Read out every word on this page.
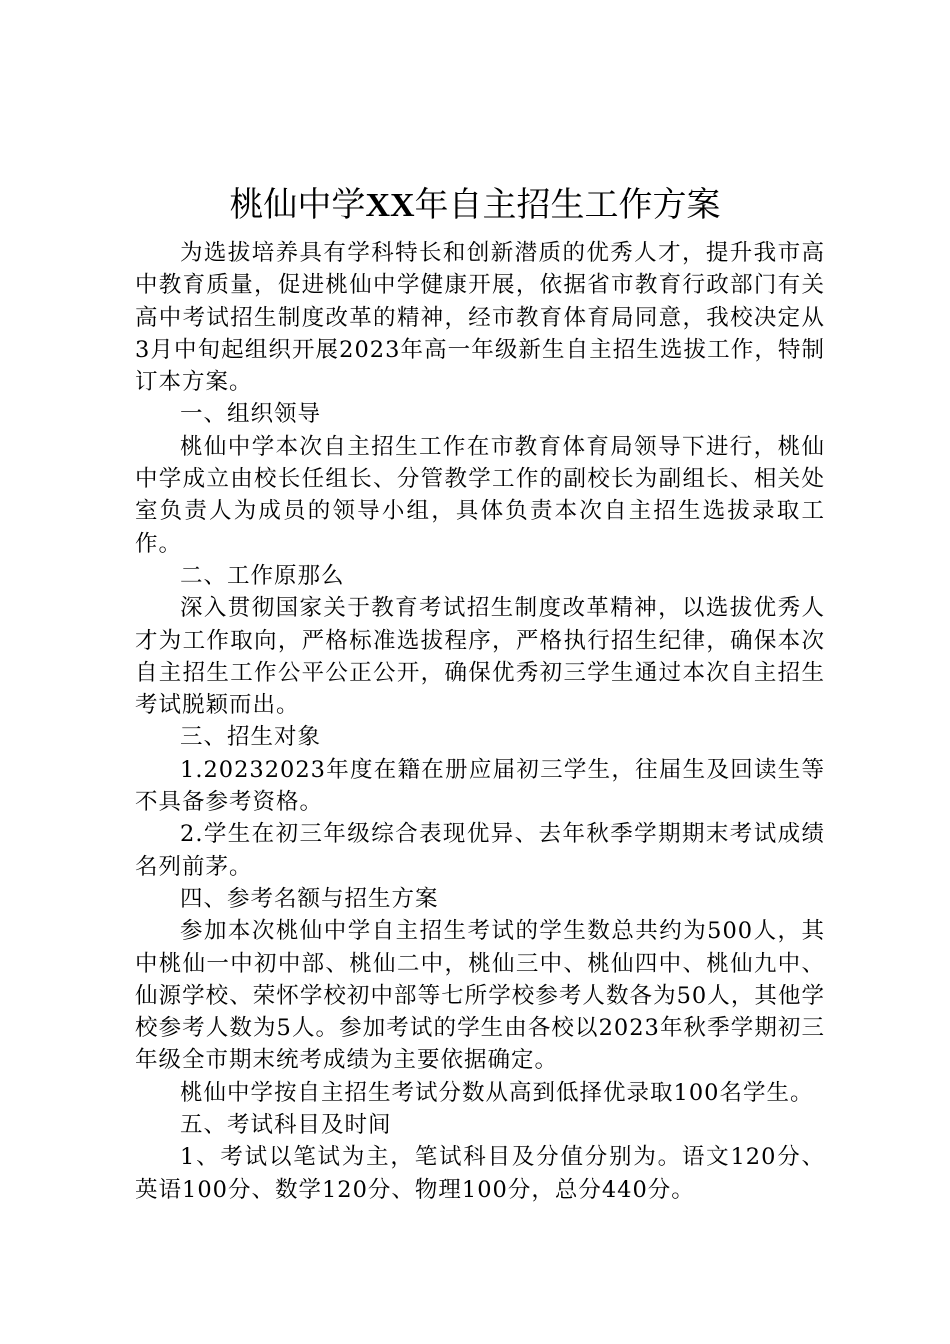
桃仙中学XX年自主招生工作方案

为选拔培养具有学科特长和创新潜质的优秀人才，提升我市高中教育质量，促进桃仙中学健康开展，依据省市教育行政部门有关高中考试招生制度改革的精神，经市教育体育局同意，我校决定从3月中旬起组织开展2023年高一年级新生自主招生选拔工作，特制订本方案。

一、组织领导

桃仙中学本次自主招生工作在市教育体育局领导下进行，桃仙中学成立由校长任组长、分管教学工作的副校长为副组长、相关处室负责人为成员的领导小组，具体负责本次自主招生选拔录取工作。

二、工作原那么

深入贯彻国家关于教育考试招生制度改革精神，以选拔优秀人才为工作取向，严格标准选拔程序，严格执行招生纪律，确保本次自主招生工作公平公正公开，确保优秀初三学生通过本次自主招生考试脱颖而出。

三、招生对象

1.20232023年度在籍在册应届初三学生，往届生及回读生等不具备参考资格。

2.学生在初三年级综合表现优异、去年秋季学期期末考试成绩名列前茅。

四、参考名额与招生方案

参加本次桃仙中学自主招生考试的学生数总共约为500人，其中桃仙一中初中部、桃仙二中，桃仙三中、桃仙四中、桃仙九中、仙源学校、荣怀学校初中部等七所学校参考人数各为50人，其他学校参考人数为5人。参加考试的学生由各校以2023年秋季学期初三年级全市期末统考成绩为主要依据确定。

桃仙中学按自主招生考试分数从高到低择优录取100名学生。

五、考试科目及时间

1、考试以笔试为主，笔试科目及分值分别为。语文120分、英语100分、数学120分、物理100分，总分440分。
